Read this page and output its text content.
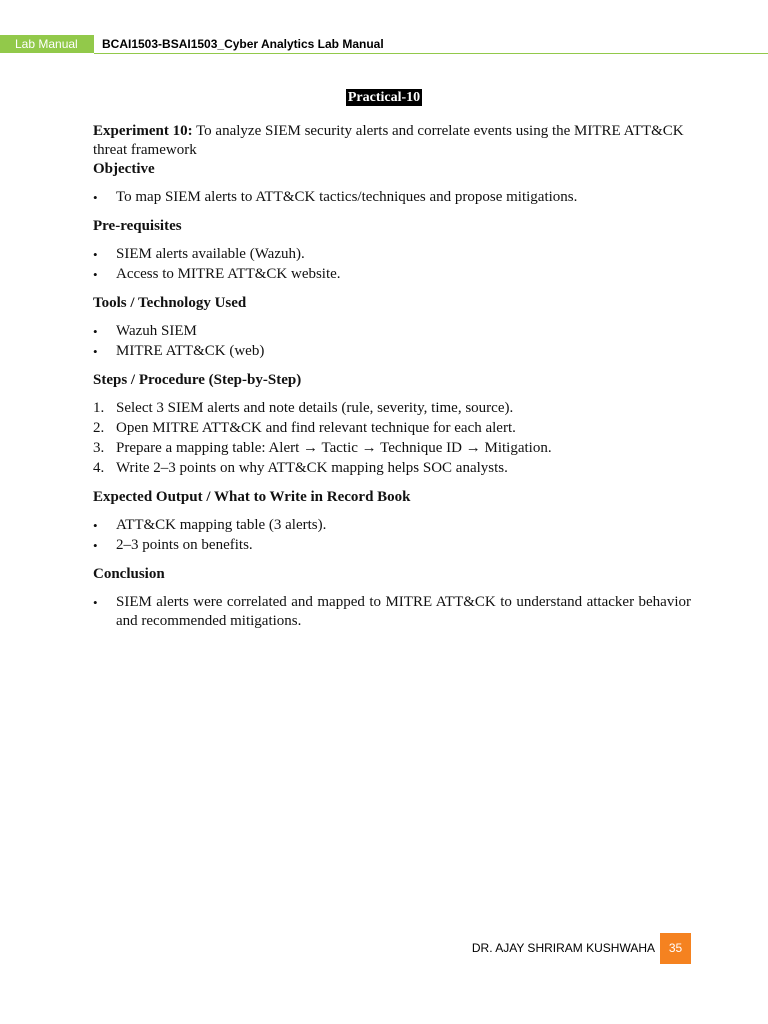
Lab Manual	BCAI1503-BSAI1503_Cyber Analytics Lab Manual
Practical-10

Experiment 10: To analyze SIEM security alerts and correlate events using the MITRE ATT&CK threat framework

Objective

•	To map SIEM alerts to ATT&CK tactics/techniques and propose mitigations.

Pre-requisites

•	SIEM alerts available (Wazuh).
•	Access to MITRE ATT&CK website.

Tools / Technology Used

•	Wazuh SIEM
•	MITRE ATT&CK (web)

Steps / Procedure (Step-by-Step)

1. Select 3 SIEM alerts and note details (rule, severity, time, source).
2. Open MITRE ATT&CK and find relevant technique for each alert.
3. Prepare a mapping table: Alert → Tactic → Technique ID → Mitigation.
4. Write 2–3 points on why ATT&CK mapping helps SOC analysts.

Expected Output / What to Write in Record Book

•	ATT&CK mapping table (3 alerts).
•	2–3 points on benefits.

Conclusion

•	SIEM alerts were correlated and mapped to MITRE ATT&CK to understand attacker behavior and recommended mitigations.
DR. AJAY SHRIRAM KUSHWAHA	35
